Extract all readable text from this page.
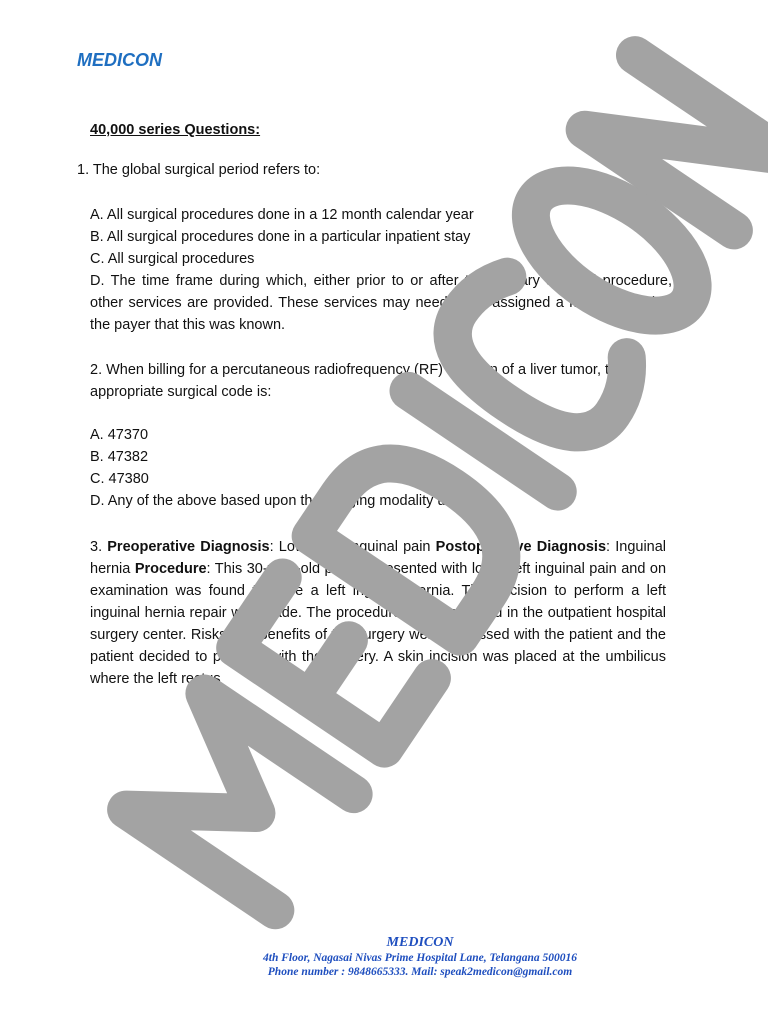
MEDICON
40,000 series Questions:
1. The global surgical period refers to:
A. All surgical procedures done in a 12 month calendar year
B. All surgical procedures done in a particular inpatient stay
C. All surgical procedures
D. The time frame during which, either prior to or after the primary surgical procedure, other services are provided. These services may need to be assigned a modifier to alert the payer that this was known.
2. When billing for a percutaneous radiofrequency (RF) ablation of a liver tumor, the appropriate surgical code is:
A. 47370
B. 47382
C. 47380
D. Any of the above based upon the imaging modality used
3. Preoperative Diagnosis: Lower left inguinal pain Postoperative Diagnosis: Inguinal hernia Procedure: This 30-year-old patient presented with lower left inguinal pain and on examination was found to have a left inguinal hernia. The decision to perform a left inguinal hernia repair was made. The procedure was performed in the outpatient hospital surgery center. Risks and benefits of the surgery were discussed with the patient and the patient decided to proceed with the surgery. A skin incision was placed at the umbilicus where the left rectus
MEDICON
4th Floor, Nagasai Nivas Prime Hospital Lane, Telangana 500016
Phone number : 9848665333. Mail: speak2medicon@gmail.com
